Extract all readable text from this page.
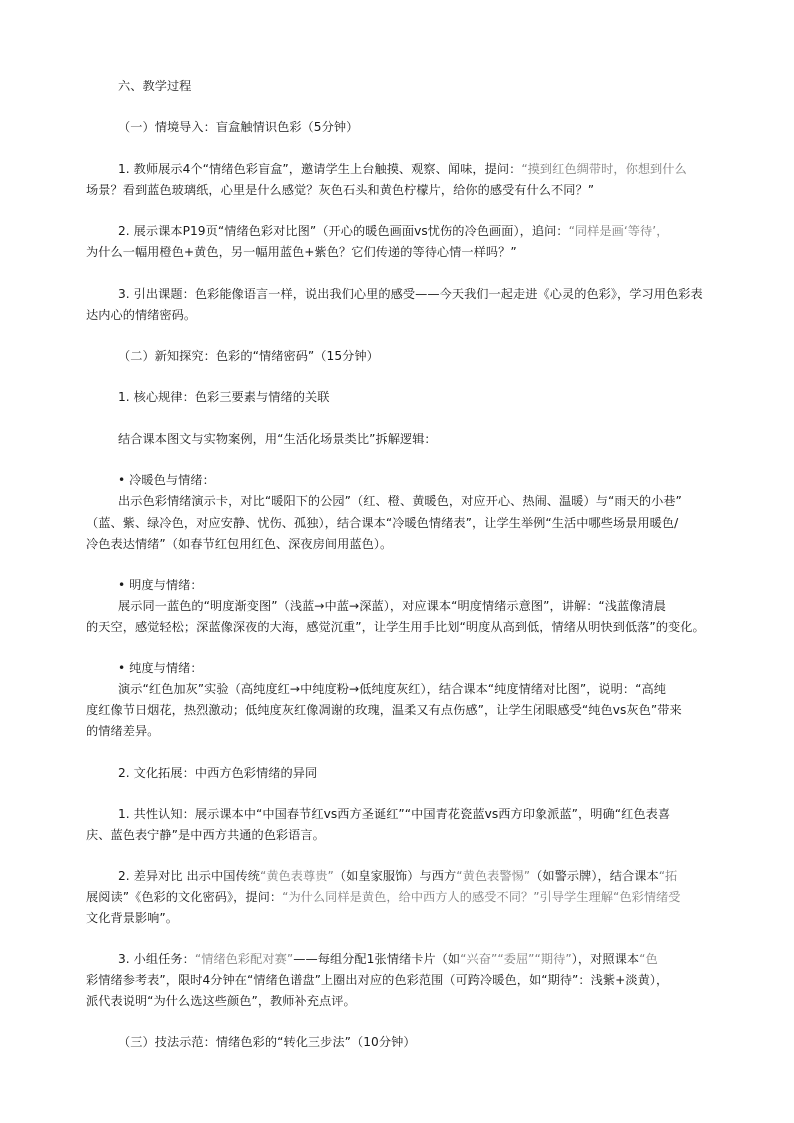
六、教学过程

（一）情境导入：盲盒触情识色彩（5分钟）

1. 教师展示4个“情绪色彩盲盒”，邀请学生上台触摸、观察、闻味，提问：“摸到红色绸带时，你想到什么

场景？看到蓝色玻璃纸，心里是什么感觉？灰色石头和黄色柠檬片，给你的感受有什么不同？”

2. 展示课本P19页“情绪色彩对比图”（开心的暖色画面vs忧伤的冷色画面），追问：“同样是画‘等待’，

为什么一幅用橙色+黄色，另一幅用蓝色+紫色？它们传递的等待心情一样吗？”

3. 引出课题：色彩能像语言一样，说出我们心里的感受——今天我们一起走进《心灵的色彩》，学习用色彩表

达内心的情绪密码。

（二）新知探究：色彩的“情绪密码”（15分钟）

1. 核心规律：色彩三要素与情绪的关联

结合课本图文与实物案例，用“生活化场景类比”拆解逻辑：

• 冷暖色与情绪：

出示色彩情绪演示卡，对比“暖阳下的公园”（红、橙、黄暖色，对应开心、热闹、温暖）与“雨天的小巷”

（蓝、紫、绿冷色，对应安静、忧伤、孤独），结合课本“冷暖色情绪表”，让学生举例“生活中哪些场景用暖色/

冷色表达情绪”（如春节红包用红色、深夜房间用蓝色）。

• 明度与情绪：

展示同一蓝色的“明度渐变图”（浅蓝→中蓝→深蓝），对应课本“明度情绪示意图”，讲解：“浅蓝像清晨

的天空，感觉轻松；深蓝像深夜的大海，感觉沉重”，让学生用手比划“明度从高到低，情绪从明快到低落”的变化。

• 纯度与情绪：

演示“红色加灰”实验（高纯度红→中纯度粉→低纯度灰红），结合课本“纯度情绪对比图”，说明：“高纯

度红像节日烟花，热烈激动；低纯度灰红像凋谢的玫瑰，温柔又有点伤感”，让学生闭眼感受“纯色vs灰色”带来

的情绪差异。

2. 文化拓展：中西方色彩情绪的异同

1. 共性认知：展示课本中“中国春节红vs西方圣诞红”“中国青花瓷蓝vs西方印象派蓝”，明确“红色表喜

庆、蓝色表宁静”是中西方共通的色彩语言。

2. 差异对比 出示中国传统“黄色表尊贵”（如皇家服饰）与西方“黄色表警惕”（如警示牌），结合课本“拓

展阅读”《色彩的文化密码》，提问：“为什么同样是黄色，给中西方人的感受不同？”引导学生理解“色彩情绪受

文化背景影响”。

3. 小组任务：“情绪色彩配对赛”——每组分配1张情绪卡片（如“兴奋”“委屈”“期待”），对照课本“色

彩情绪参考表”，限时4分钟在“情绪色谱盘”上圈出对应的色彩范围（可跨冷暖色，如“期待”：浅紫+淡黄），

派代表说明“为什么选这些颜色”，教师补充点评。

（三）技法示范：情绪色彩的“转化三步法”（10分钟）
